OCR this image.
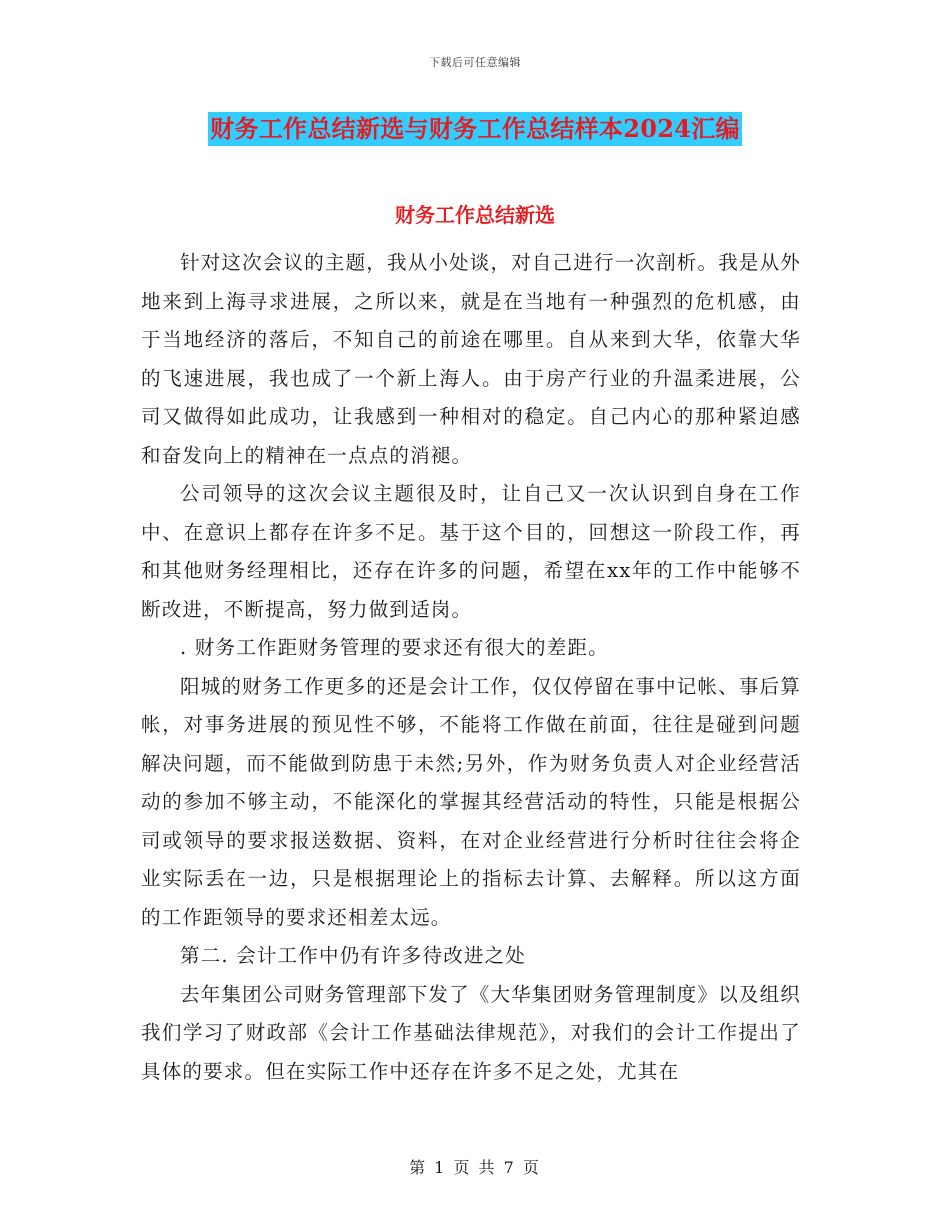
下载后可任意编辑
财务工作总结新选与财务工作总结样本2024汇编
财务工作总结新选

针对这次会议的主题，我从小处谈，对自己进行一次剖析。我是从外地来到上海寻求进展，之所以来，就是在当地有一种强烈的危机感，由于当地经济的落后，不知自己的前途在哪里。自从来到大华，依靠大华的飞速进展，我也成了一个新上海人。由于房产行业的升温柔进展，公司又做得如此成功，让我感到一种相对的稳定。自己内心的那种紧迫感和奋发向上的精神在一点点的消褪。

公司领导的这次会议主题很及时，让自己又一次认识到自身在工作中、在意识上都存在许多不足。基于这个目的，回想这一阶段工作，再和其他财务经理相比，还存在许多的问题，希望在xx年的工作中能够不断改进，不断提高，努力做到适岗。

. 财务工作距财务管理的要求还有很大的差距。

阳城的财务工作更多的还是会计工作，仅仅停留在事中记帐、事后算帐，对事务进展的预见性不够，不能将工作做在前面，往往是碰到问题解决问题，而不能做到防患于未然;另外，作为财务负责人对企业经营活动的参加不够主动，不能深化的掌握其经营活动的特性，只能是根据公司或领导的要求报送数据、资料，在对企业经营进行分析时往往会将企业实际丢在一边，只是根据理论上的指标去计算、去解释。所以这方面的工作距领导的要求还相差太远。

第二. 会计工作中仍有许多待改进之处

去年集团公司财务管理部下发了《大华集团财务管理制度》以及组织我们学习了财政部《会计工作基础法律规范》，对我们的会计工作提出了具体的要求。但在实际工作中还存在许多不足之处，尤其在

第 1 页 共 7 页
